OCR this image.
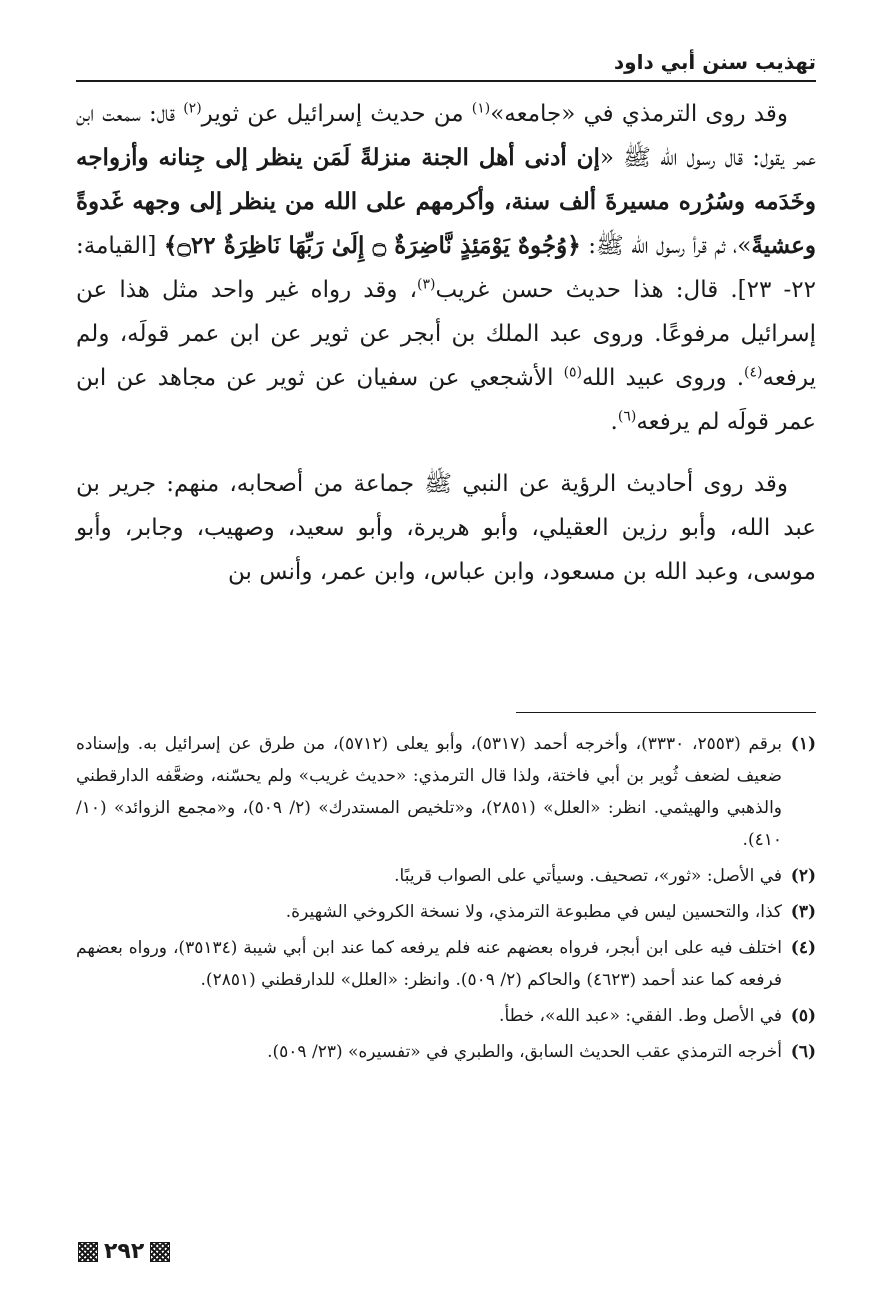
تهذيب سنن أبي داود

وقد روى الترمذي في «جامعه»$^{(١)}$ من حديث إسرائيل عن ثوير$^{(٢)}$ قال: سمعت ابن عمر يقول: قال رسول الله ﷺ «إن أدنى أهل الجنة منزلةً لَمَن ينظر إلى جِنانه وأزواجه وخَدَمه وسُرُره مسيرةَ ألف سنة، وأكرمهم على الله من ينظر إلى وجهه غَدوةً وعشيةً»، ثم قرأ رسول الله ﷺ: ﴿وُجُوهٌ يَوْمَئِذٍ نَّاضِرَةٌ ۝ إِلَىٰ رَبِّهَا نَاظِرَةٌ ۝٢٢﴾ [القيامة: ٢٢- ٢٣]. قال: هذا حديث حسن غريب$^{(٣)}$، وقد رواه غير واحد مثل هذا عن إسرائيل مرفوعًا. وروى عبد الملك بن أبجر عن ثوير عن ابن عمر قولَه، ولم يرفعه$^{(٤)}$. وروى عبيد الله$^{(٥)}$ الأشجعي عن سفيان عن ثوير عن مجاهد عن ابن عمر قولَه لم يرفعه$^{(٦)}$.

وقد روى أحاديث الرؤية عن النبي ﷺ جماعة من أصحابه، منهم: جرير بن عبد الله، وأبو رزين العقيلي، وأبو هريرة، وأبو سعيد، وصهيب، وجابر، وأبو موسى، وعبد الله بن مسعود، وابن عباس، وابن عمر، وأنس بن

(١)
برقم (٢٥٥٣، ٣٣٣٠)، وأخرجه أحمد (٥٣١٧)، وأبو يعلى (٥٧١٢)، من طرق عن إسرائيل به. وإسناده ضعيف لضعف ثُوير بن أبي فاختة، ولذا قال الترمذي: «حديث غريب» ولم يحسّنه، وضعَّفه الدارقطني والذهبي والهيثمي. انظر: «العلل» (٢٨٥١)، و«تلخيص المستدرك» (٢/ ٥٠٩)، و«مجمع الزوائد» (١٠/ ٤١٠).
(٢)
في الأصل: «ثور»، تصحيف. وسيأتي على الصواب قريبًا.
(٣)
كذا، والتحسين ليس في مطبوعة الترمذي، ولا نسخة الكروخي الشهيرة.
(٤)
اختلف فيه على ابن أبجر، فرواه بعضهم عنه فلم يرفعه كما عند ابن أبي شيبة (٣٥١٣٤)، ورواه بعضهم فرفعه كما عند أحمد (٤٦٢٣) والحاكم (٢/ ٥٠٩). وانظر: «العلل» للدارقطني (٢٨٥١).
(٥)
في الأصل وط. الفقي: «عبد الله»، خطأ.
(٦)
أخرجه الترمذي عقب الحديث السابق، والطبري في «تفسيره» (٢٣/ ٥٠٩).
٢٩٢
